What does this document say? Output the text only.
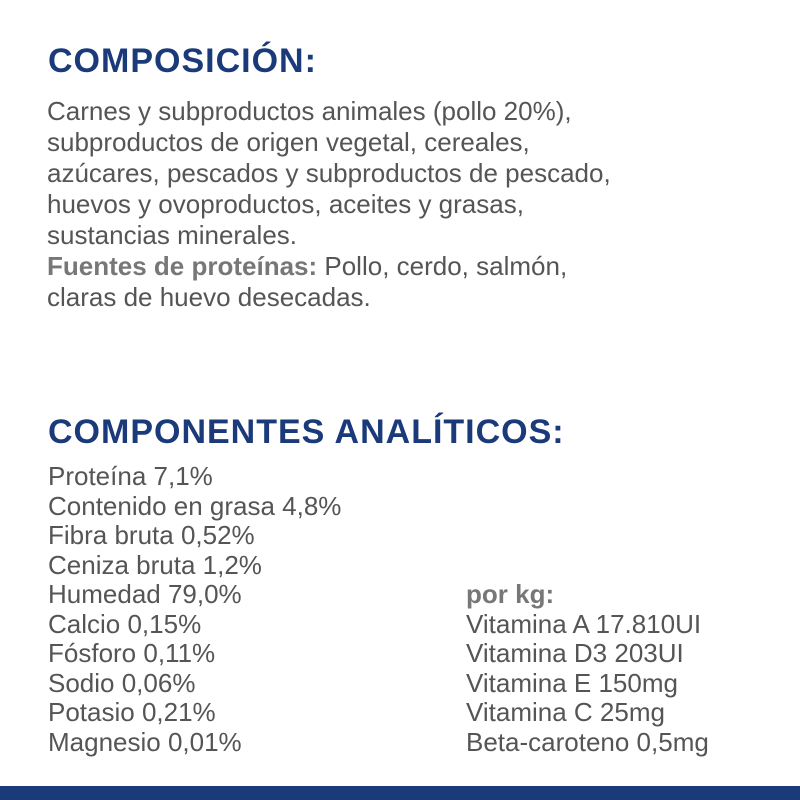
COMPOSICIÓN:
Carnes y subproductos animales (pollo 20%),
subproductos de origen vegetal, cereales,
azúcares, pescados y subproductos de pescado,
huevos y ovoproductos, aceites y grasas,
sustancias minerales.
Fuentes de proteínas: Pollo, cerdo, salmón,
claras de huevo desecadas.
COMPONENTES ANALÍTICOS:
Proteína 7,1%
Contenido en grasa 4,8%
Fibra bruta 0,52%
Ceniza bruta 1,2%
Humedad 79,0%
Calcio 0,15%
Fósforo 0,11%
Sodio 0,06%
Potasio 0,21%
Magnesio 0,01%
por kg:
Vitamina A 17.810UI
Vitamina D3 203UI
Vitamina E 150mg
Vitamina C 25mg
Beta-caroteno 0,5mg
